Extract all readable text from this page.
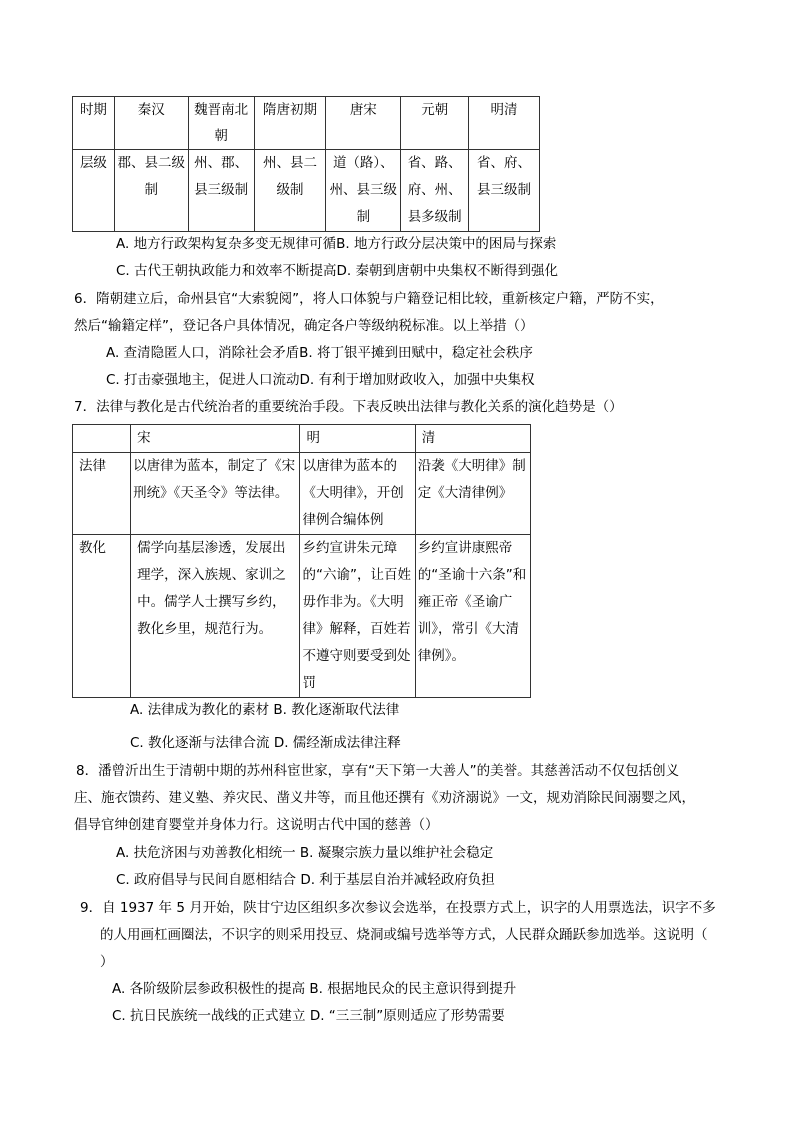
时期	秦汉	魏晋南北朝	隋唐初期	唐宋	元朝	明清
层级	郡、县二级制	州、郡、县三级制	州、县二级制	道（路）、州、县三级制	省、路、府、州、县多级制	省、府、县三级制
A. 地方行政架构复杂多变无规律可循B. 地方行政分层决策中的困局与探索
C. 古代王朝执政能力和效率不断提高D. 秦朝到唐朝中央集权不断得到强化
6．隋朝建立后，命州县官“大索貌阅”，将人口体貌与户籍登记相比较，重新核定户籍，严防不实，
然后“输籍定样”，登记各户具体情况，确定各户等级纳税标准。以上举措（）
A. 查清隐匿人口，消除社会矛盾B. 将丁银平摊到田赋中，稳定社会秩序
C. 打击豪强地主，促进人口流动D. 有利于增加财政收入，加强中央集权
7．法律与教化是古代统治者的重要统治手段。下表反映出法律与教化关系的演化趋势是（）
	宋	明	清
法律	以唐律为蓝本，制定了《宋刑统》《天圣令》等法律。	以唐律为蓝本的《大明律》，开创律例合编体例	沿袭《大明律》制定《大清律例》
教化	儒学向基层渗透，发展出理学，深入族规、家训之中。儒学人士撰写乡约，教化乡里，规范行为。	乡约宣讲朱元璋的“六谕”，让百姓毋作非为。《大明律》解释，百姓若不遵守则要受到处罚	乡约宣讲康熙帝的“圣谕十六条”和雍正帝《圣谕广训》，常引《大清律例》。
A. 法律成为教化的素材 B. 教化逐渐取代法律
C. 教化逐渐与法律合流 D. 儒经渐成法律注释
8．潘曾沂出生于清朝中期的苏州科宦世家，享有“天下第一大善人”的美誉。其慈善活动不仅包括创义
庄、施衣馈药、建义塾、养灾民、凿义井等，而且他还撰有《劝济溺说》一文，规劝消除民间溺婴之风，
倡导官绅创建育婴堂并身体力行。这说明古代中国的慈善（）
A. 扶危济困与劝善教化相统一 B. 凝聚宗族力量以维护社会稳定
C. 政府倡导与民间自愿相结合 D. 利于基层自治并减轻政府负担
9．自 1937 年 5 月开始，陕甘宁边区组织多次参议会选举，在投票方式上，识字的人用票选法，识字不多
的人用画杠画圈法，不识字的则采用投豆、烧洞或编号选举等方式，人民群众踊跃参加选举。这说明（
）
A. 各阶级阶层参政积极性的提高 B. 根据地民众的民主意识得到提升
C. 抗日民族统一战线的正式建立 D. “三三制”原则适应了形势需要
